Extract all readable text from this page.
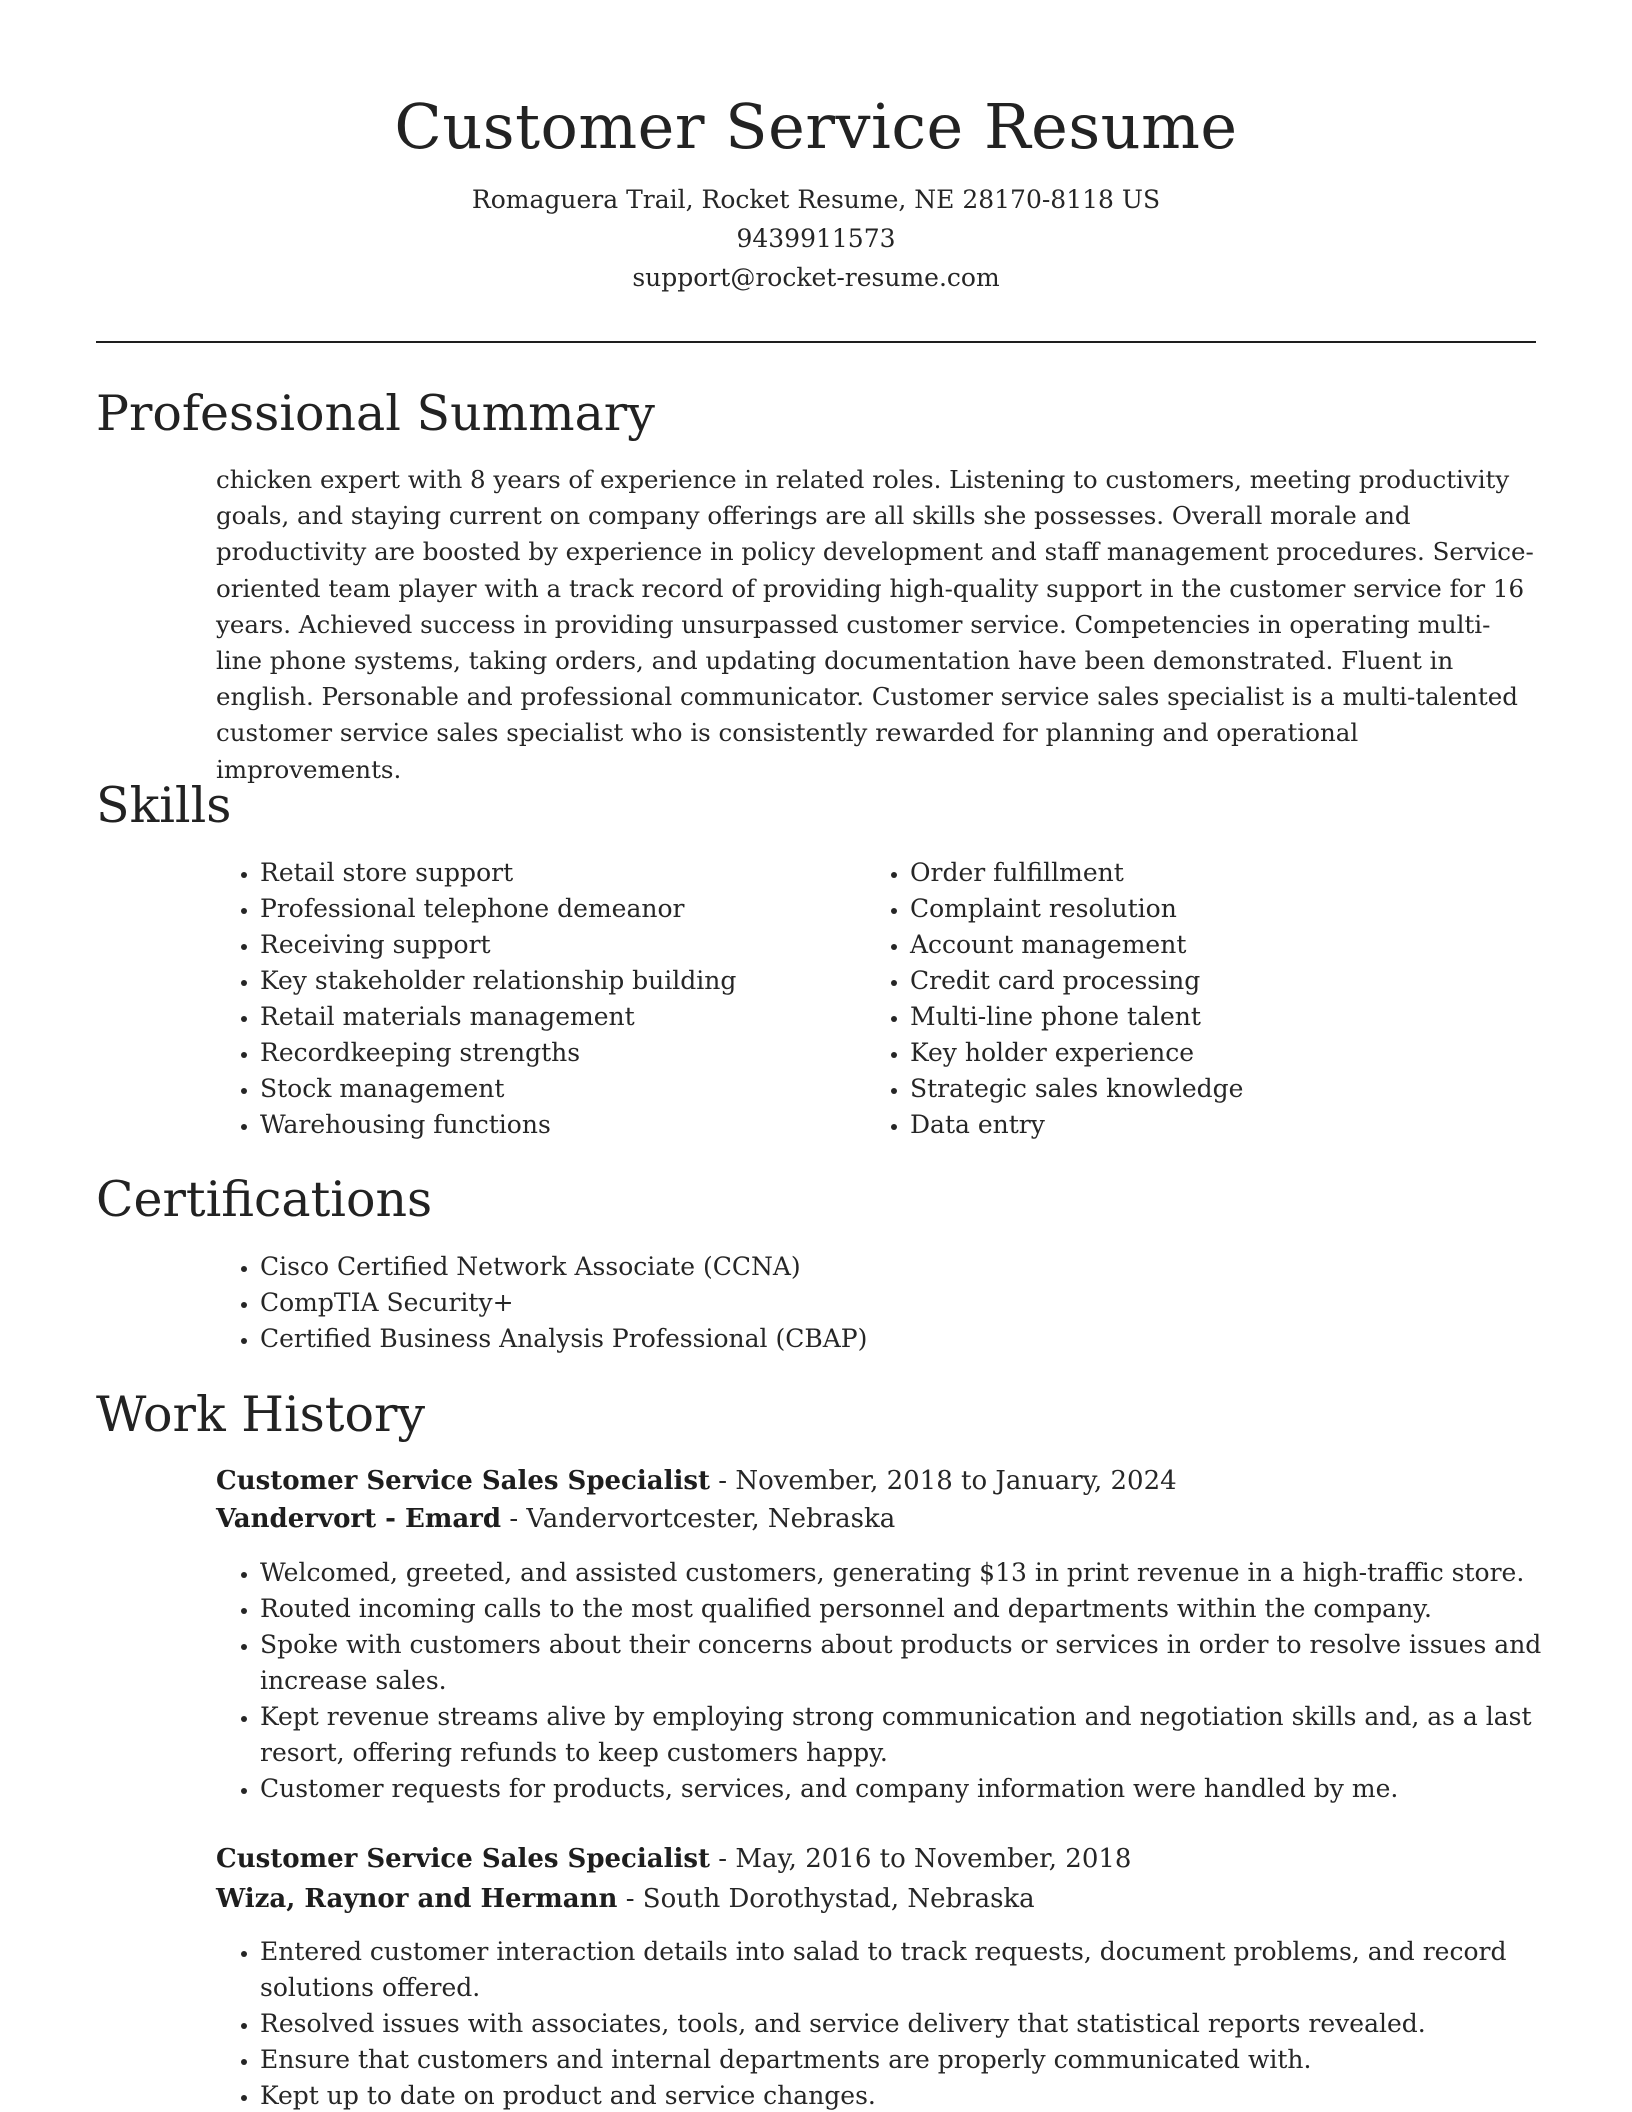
Customer Service Resume
Romaguera Trail, Rocket Resume, NE 28170-8118 US
9439911573
support@rocket-resume.com
Professional Summary

chicken expert with 8 years of experience in related roles. Listening to customers, meeting productivity goals, and staying current on company offerings are all skills she possesses. Overall morale and productivity are boosted by experience in policy development and staff management procedures. Service-oriented team player with a track record of providing high-quality support in the customer service for 16 years. Achieved success in providing unsurpassed customer service. Competencies in operating multi-line phone systems, taking orders, and updating documentation have been demonstrated. Fluent in english. Personable and professional communicator. Customer service sales specialist is a multi-talented customer service sales specialist who is consistently rewarded for planning and operational improvements.

Skills
• Retail store support
• Professional telephone demeanor
• Receiving support
• Key stakeholder relationship building
• Retail materials management
• Recordkeeping strengths
• Stock management
• Warehousing functions
• Order fulfillment
• Complaint resolution
• Account management
• Credit card processing
• Multi-line phone talent
• Key holder experience
• Strategic sales knowledge
• Data entry
Certifications
• Cisco Certified Network Associate (CCNA)
• CompTIA Security+
• Certified Business Analysis Professional (CBAP)
Work History
Customer Service Sales Specialist - November, 2018 to January, 2024
Vandervort - Emard - Vandervortcester, Nebraska
• Welcomed, greeted, and assisted customers, generating $13 in print revenue in a high-traffic store.
• Routed incoming calls to the most qualified personnel and departments within the company.
• Spoke with customers about their concerns about products or services in order to resolve issues and increase sales.
• Kept revenue streams alive by employing strong communication and negotiation skills and, as a last resort, offering refunds to keep customers happy.
• Customer requests for products, services, and company information were handled by me.
Customer Service Sales Specialist - May, 2016 to November, 2018
Wiza, Raynor and Hermann - South Dorothystad, Nebraska
• Entered customer interaction details into salad to track requests, document problems, and record solutions offered.
• Resolved issues with associates, tools, and service delivery that statistical reports revealed.
• Ensure that customers and internal departments are properly communicated with.
• Kept up to date on product and service changes.
